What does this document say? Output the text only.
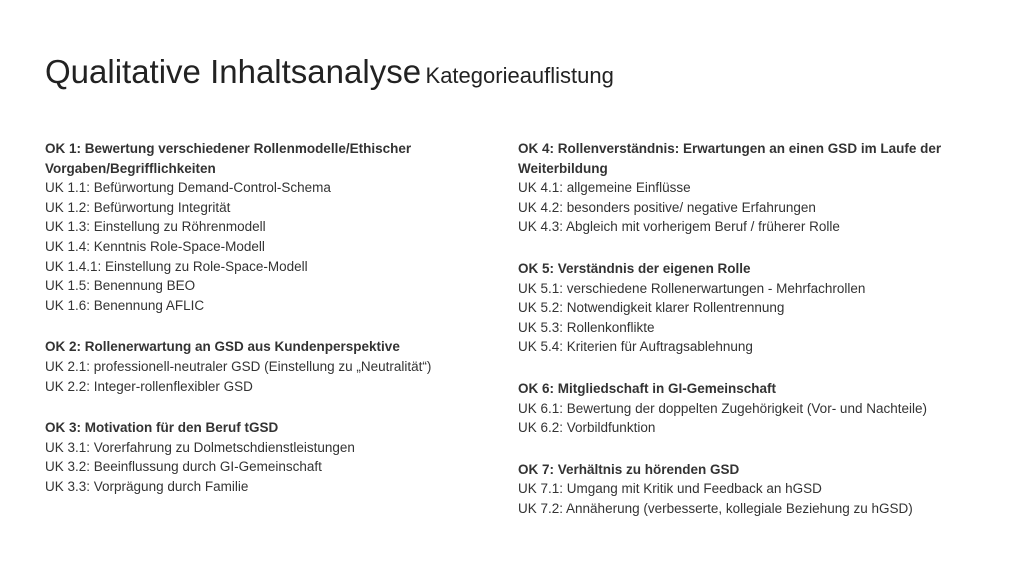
Qualitative Inhaltsanalyse Kategorieauflistung
OK 1: Bewertung verschiedener Rollenmodelle/Ethischer Vorgaben/Begrifflichkeiten
UK 1.1: Befürwortung Demand-Control-Schema
UK 1.2: Befürwortung Integrität
UK 1.3: Einstellung zu Röhrenmodell
UK 1.4: Kenntnis Role-Space-Modell
UK 1.4.1: Einstellung zu Role-Space-Modell
UK 1.5: Benennung BEO
UK 1.6: Benennung AFLIC
OK 2: Rollenerwartung an GSD aus Kundenperspektive
UK 2.1: professionell-neutraler GSD (Einstellung zu „Neutralität“)
UK 2.2: Integer-rollenflexibler GSD
OK 3: Motivation für den Beruf tGSD
UK 3.1: Vorerfahrung zu Dolmetschdienstleistungen
UK 3.2: Beeinflussung durch GI-Gemeinschaft
UK 3.3: Vorprägung durch Familie
OK 4: Rollenverständnis: Erwartungen an einen GSD im Laufe der Weiterbildung
UK 4.1: allgemeine Einflüsse
UK 4.2: besonders positive/ negative Erfahrungen
UK 4.3: Abgleich mit vorherigem Beruf / früherer Rolle
OK 5: Verständnis der eigenen Rolle
UK 5.1: verschiedene Rollenerwartungen - Mehrfachrollen
UK 5.2: Notwendigkeit klarer Rollentrennung
UK 5.3: Rollenkonflikte
UK 5.4: Kriterien für Auftragsablehnung
OK 6: Mitgliedschaft in GI-Gemeinschaft
UK 6.1: Bewertung der doppelten Zugehörigkeit (Vor- und Nachteile)
UK 6.2: Vorbildfunktion
OK 7: Verhältnis zu hörenden GSD
UK 7.1: Umgang mit Kritik und Feedback an hGSD
UK 7.2: Annäherung (verbesserte, kollegiale Beziehung zu hGSD)
